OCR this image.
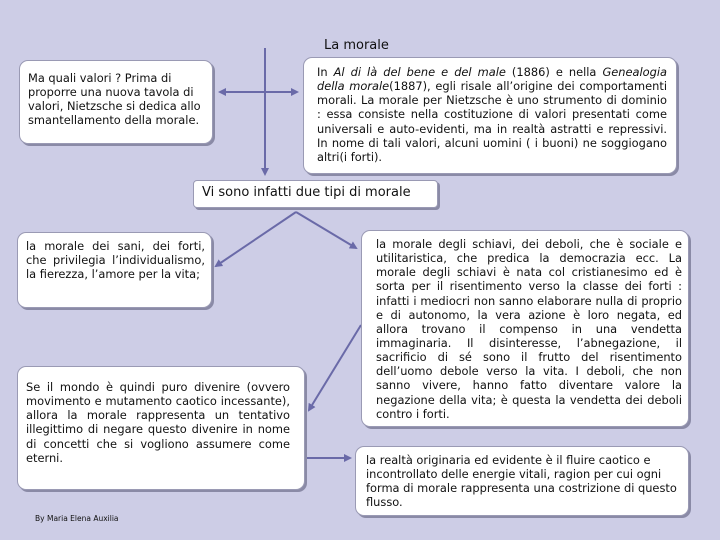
La morale
Ma quali valori ? Prima di proporre una nuova tavola di valori, Nietzsche si dedica allo smantellamento della morale.
In Al di là del bene e del male (1886) e nella Genealogia della morale(1887), egli risale all’origine dei comportamenti morali. La morale per Nietzsche è uno strumento di dominio : essa consiste nella costituzione di valori presentati come universali e auto-evidenti, ma in realtà astratti e repressivi. In nome di tali valori, alcuni uomini ( i buoni) ne soggiogano altri(i forti).
Vi sono infatti due tipi di morale
la morale dei sani, dei forti, che privilegia l’individualismo, la fierezza, l’amore per la vita;
la morale degli schiavi, dei deboli, che è sociale e utilitaristica, che predica la democrazia ecc. La morale degli schiavi è nata col cristianesimo ed è sorta per il risentimento verso la classe dei forti : infatti i mediocri non sanno elaborare nulla di proprio e di autonomo, la vera azione è loro negata, ed allora trovano il compenso in una vendetta immaginaria. Il disinteresse, l’abnegazione, il sacrificio di sé sono il frutto del risentimento dell’uomo debole verso la vita. I deboli, che non sanno vivere, hanno fatto diventare valore la negazione della vita; è questa la vendetta dei deboli contro i forti.
Se il mondo è quindi puro divenire (ovvero movimento e mutamento caotico incessante), allora la morale rappresenta un tentativo illegittimo di negare questo divenire in nome di concetti che si vogliono assumere come eterni.	la realtà originaria ed evidente è il fluire caotico e incontrollato delle energie vitali, ragion per cui ogni forma di morale rappresenta una costrizione di questo flusso.
By Maria Elena Auxilia
